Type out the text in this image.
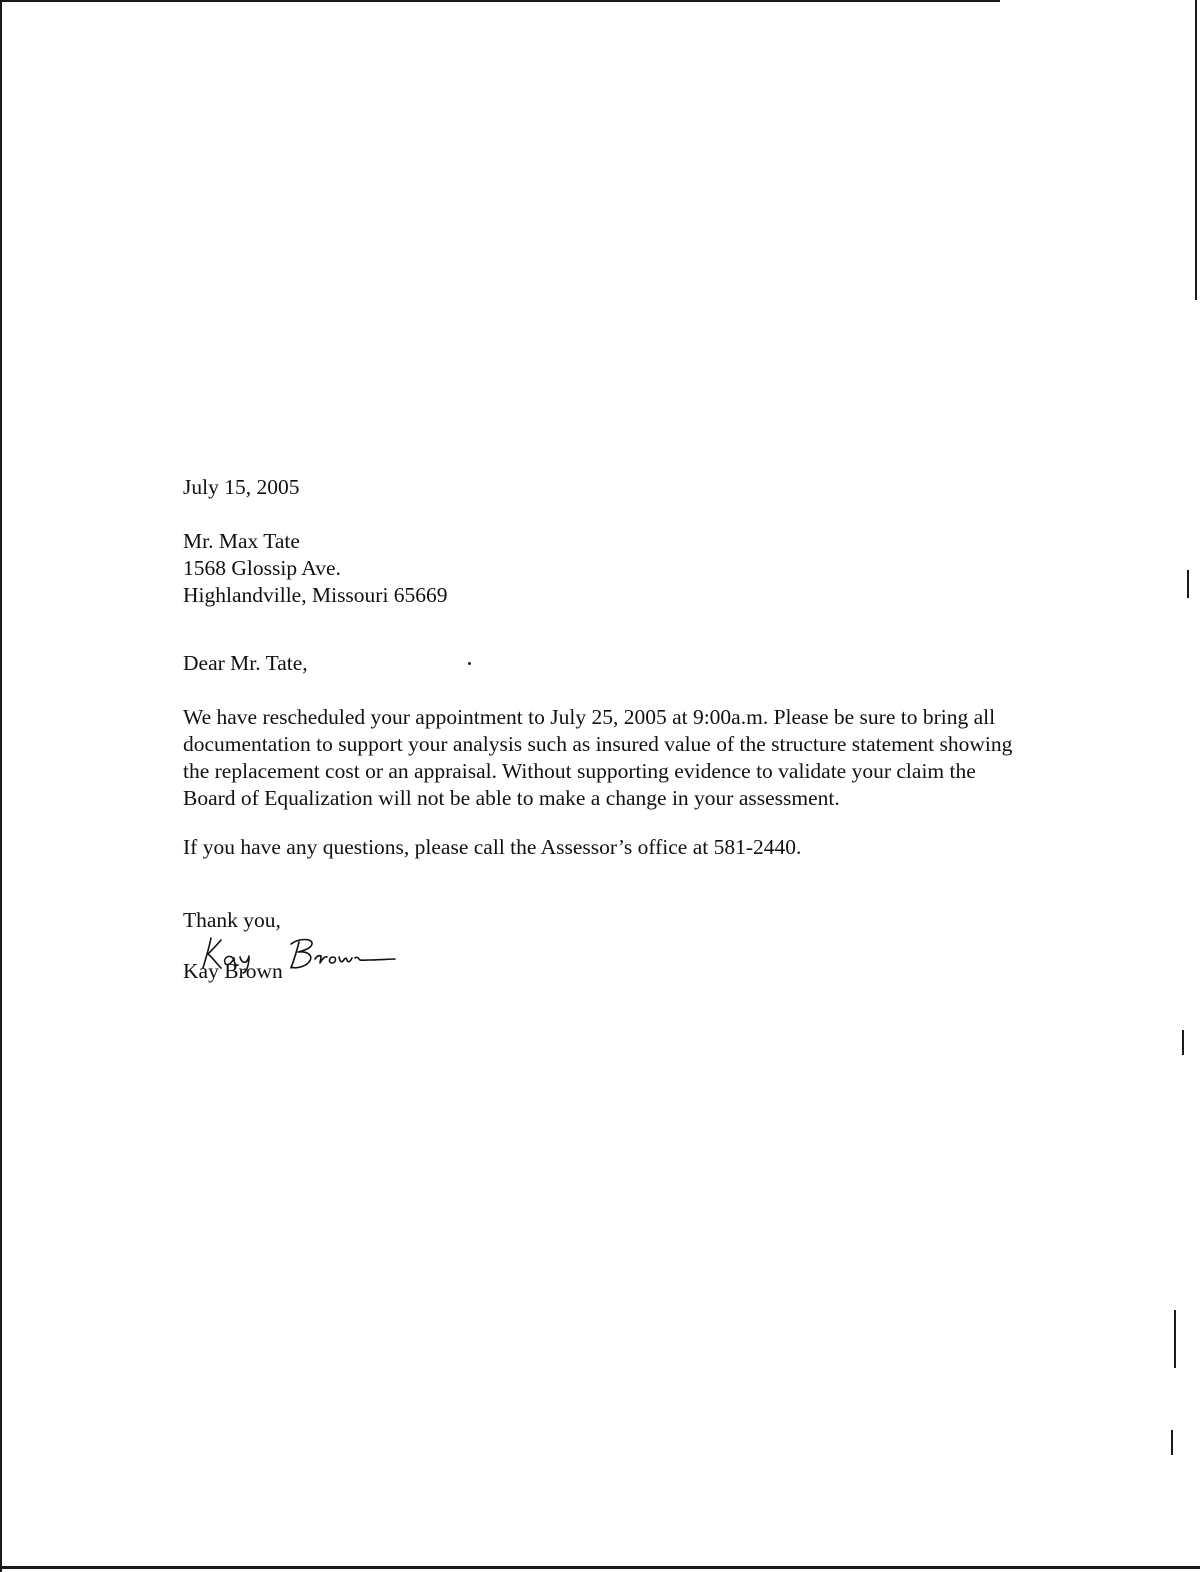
July 15, 2005
Mr. Max Tate
1568 Glossip Ave.
Highlandville, Missouri 65669
Dear Mr. Tate,
We have rescheduled your appointment to July 25, 2005 at 9:00a.m. Please be sure to bring all documentation to support your analysis such as insured value of the structure statement showing the replacement cost or an appraisal. Without supporting evidence to validate your claim the Board of Equalization will not be able to make a change in your assessment.
If you have any questions, please call the Assessor’s office at 581-2440.
Thank you,
Kay Brown
